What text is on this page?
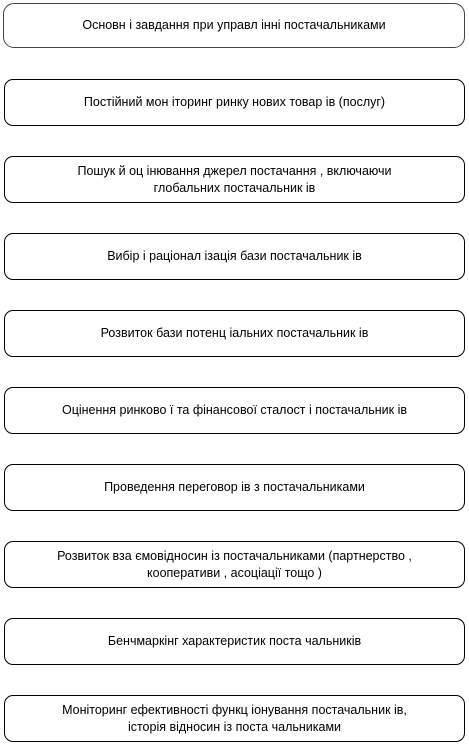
Основн і завдання при управл інні постачальниками
Постійний мон іторинг ринку нових товар ів (послуг)
Пошук й оц інювання джерел постачання , включаючи
глобальних постачальник ів
Вибір і раціонал ізація бази постачальник ів
Розвиток бази потенц іальних постачальник ів
Оцінення ринково ї та фінансової сталост і постачальник ів
Проведення переговор ів з постачальниками
Розвиток вза ємовідносин із постачальниками (партнерство ,
кооперативи , асоціації тощо )
Бенчмаркінг характеристик поста чальників
Моніторинг ефективності функц іонування постачальник ів,
історія відносин із поста чальниками
